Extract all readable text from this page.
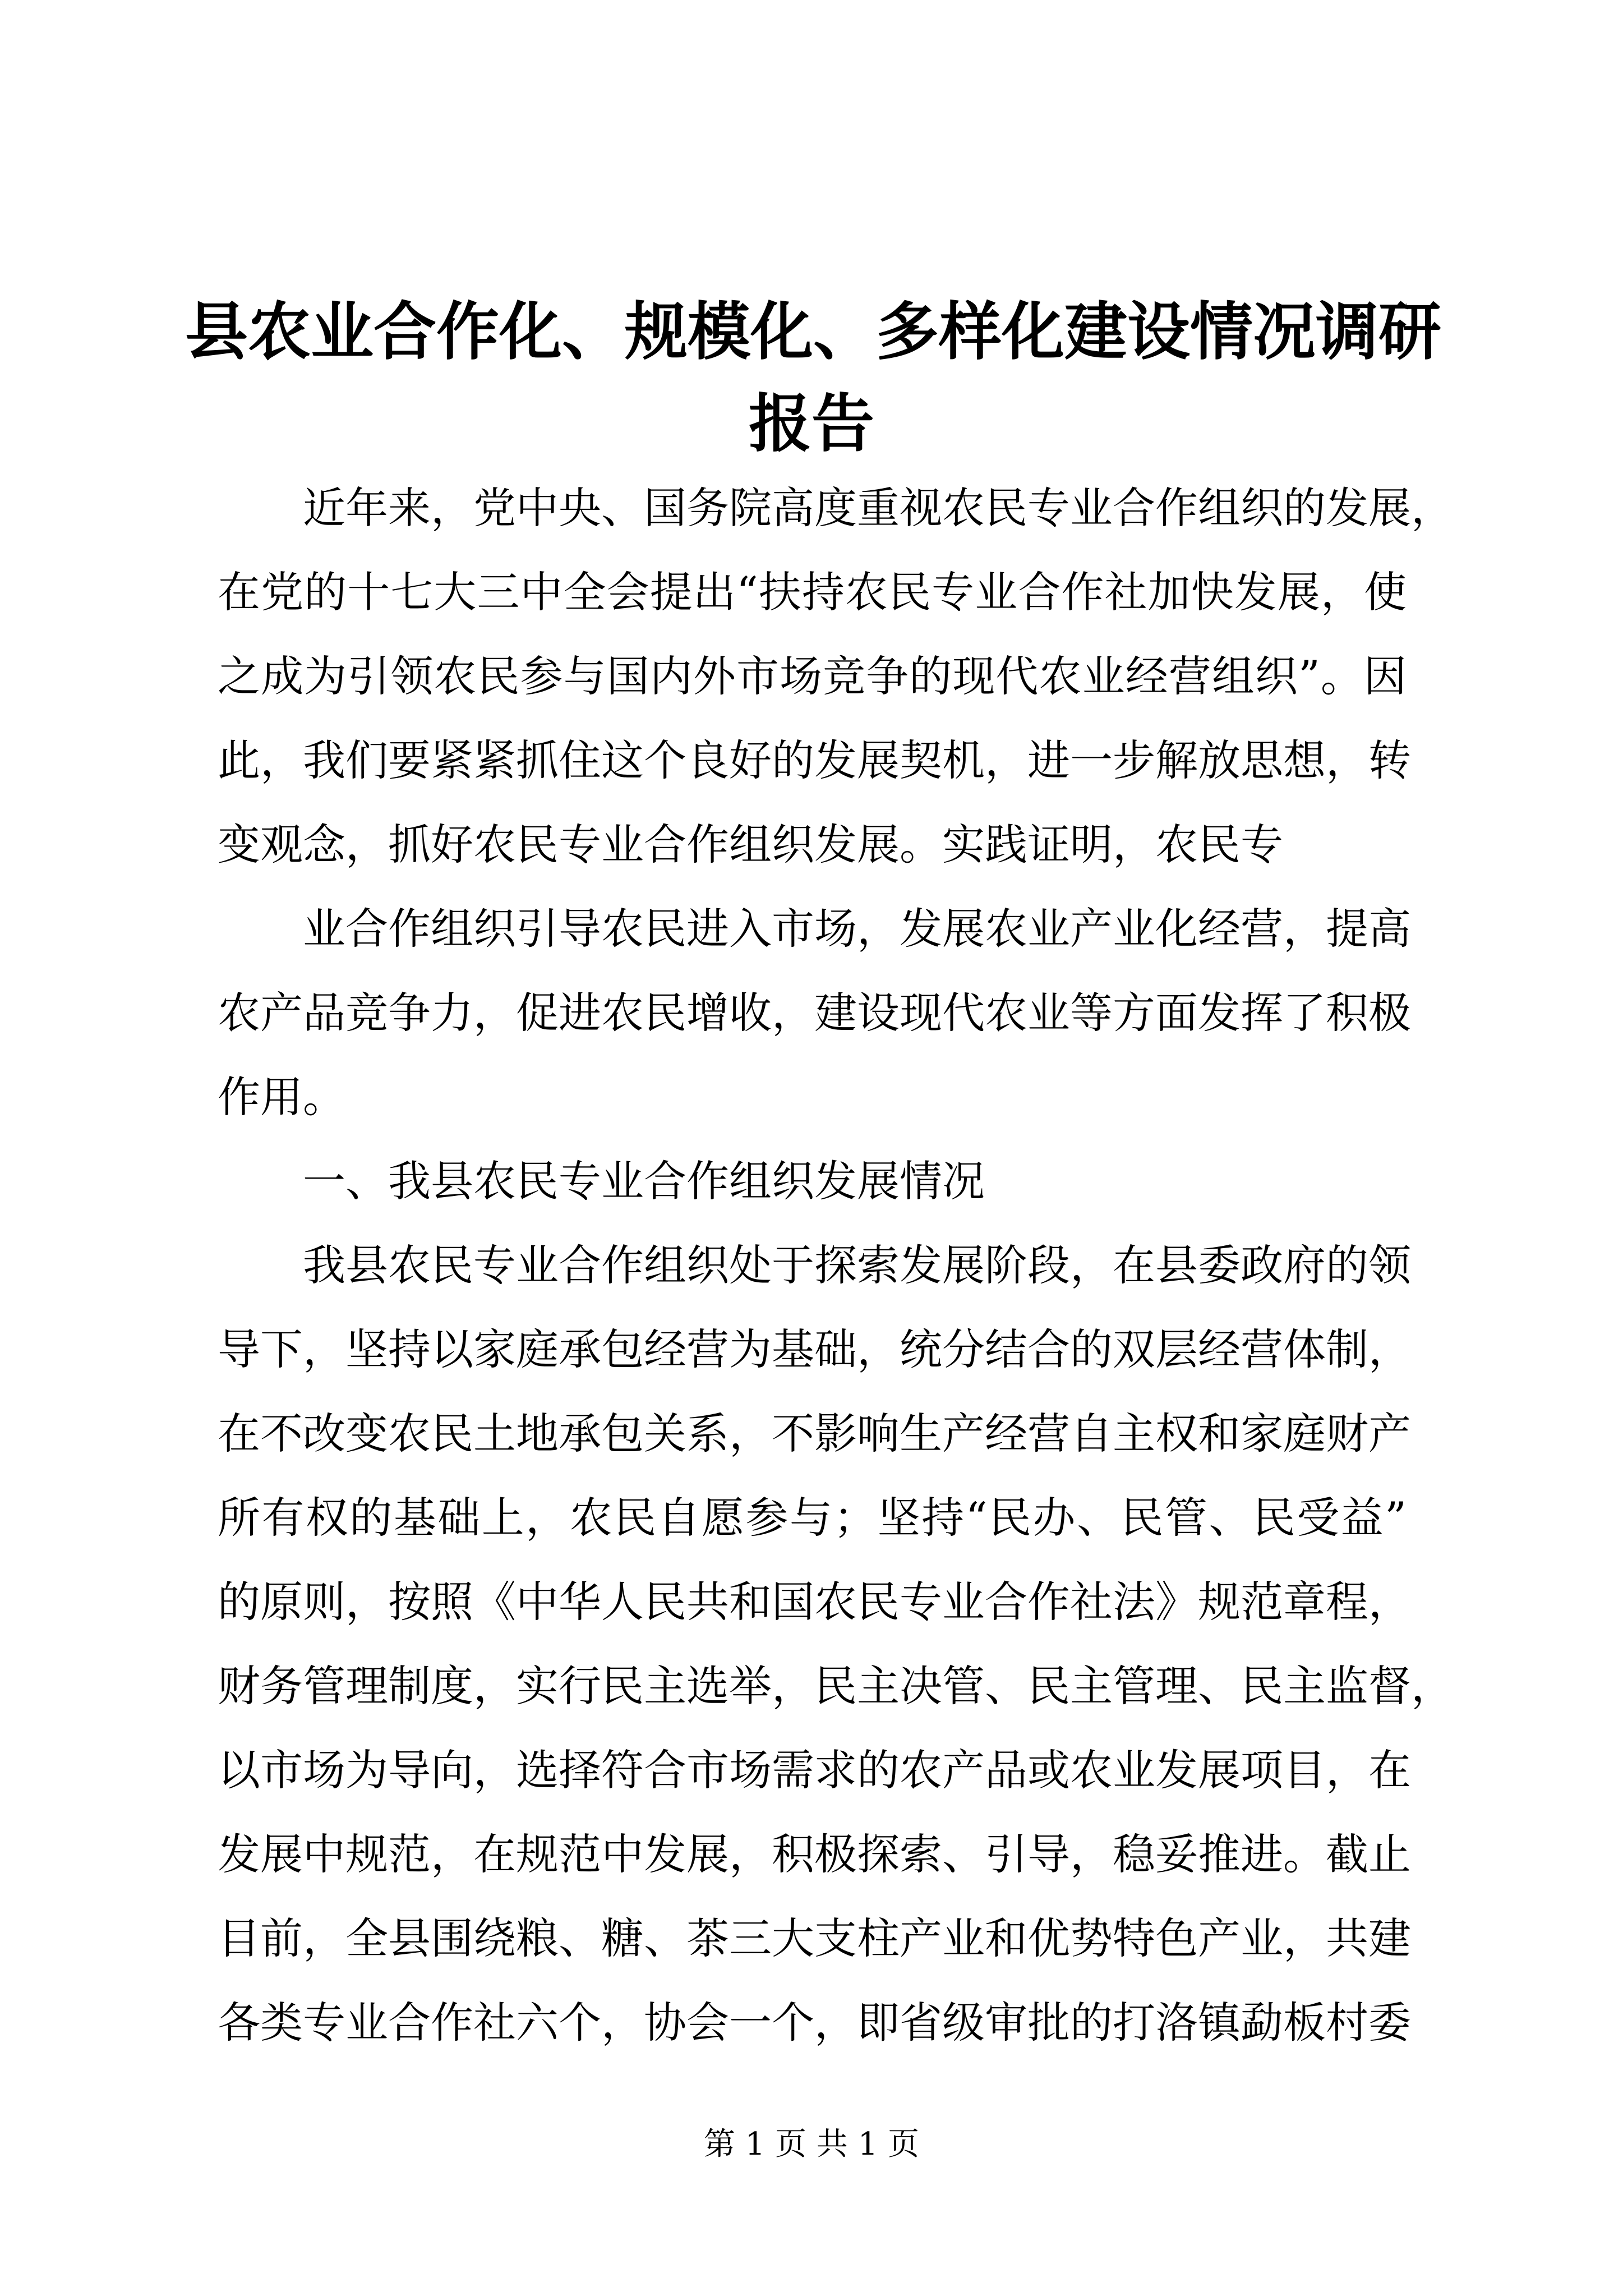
县农业合作化、规模化、多样化建设情况调研
报告
近年来，党中央、国务院高度重视农民专业合作组织的发展，
在党的十七大三中全会提出“扶持农民专业合作社加快发展，使
之成为引领农民参与国内外市场竞争的现代农业经营组织”。因
此，我们要紧紧抓住这个良好的发展契机，进一步解放思想，转
变观念，抓好农民专业合作组织发展。实践证明，农民专
业合作组织引导农民进入市场，发展农业产业化经营，提高
农产品竞争力，促进农民增收，建设现代农业等方面发挥了积极
作用。
一、我县农民专业合作组织发展情况
我县农民专业合作组织处于探索发展阶段，在县委政府的领
导下，坚持以家庭承包经营为基础，统分结合的双层经营体制，
在不改变农民土地承包关系，不影响生产经营自主权和家庭财产
所有权的基础上，农民自愿参与；坚持“民办、民管、民受益”
的原则，按照《中华人民共和国农民专业合作社法》规范章程，
财务管理制度，实行民主选举，民主决管、民主管理、民主监督，
以市场为导向，选择符合市场需求的农产品或农业发展项目，在
发展中规范，在规范中发展，积极探索、引导，稳妥推进。截止
目前，全县围绕粮、糖、茶三大支柱产业和优势特色产业，共建
各类专业合作社六个，协会一个，即省级审批的打洛镇勐板村委
第 1 页 共 1 页
